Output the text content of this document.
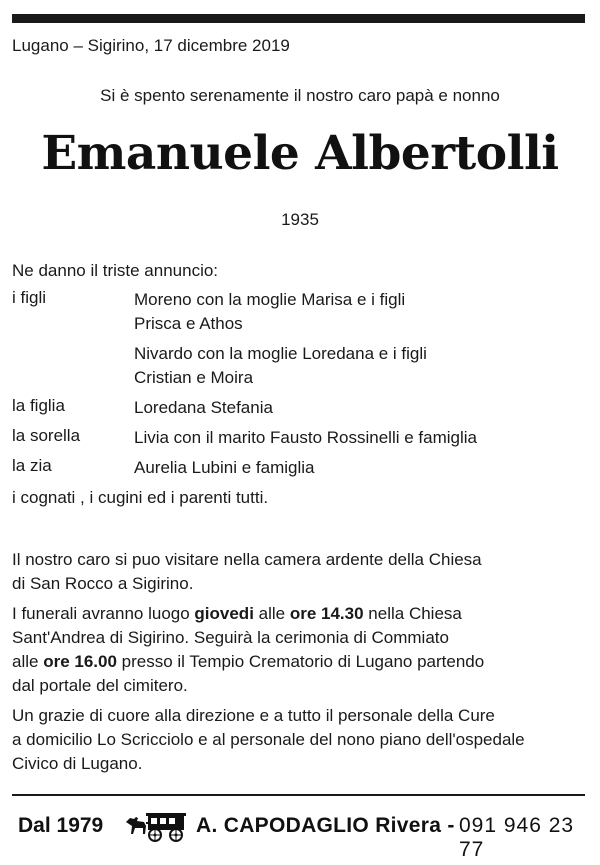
Lugano – Sigirino, 17 dicembre 2019
Si è spento serenamente il nostro caro papà e nonno
Emanuele Albertolli
1935
Ne danno il triste annuncio:
i figli	Moreno con la moglie Marisa e i figli
Prisca e Athos
Nivardo con la moglie Loredana e i figli
Cristian e Moira
la figlia	Loredana Stefania
la sorella	Livia con il marito Fausto Rossinelli e famiglia
la zia	Aurelia Lubini e famiglia
i cognati , i cugini ed i parenti tutti.
Il nostro caro si puo visitare nella camera ardente della Chiesa
di San Rocco a Sigirino.
I funerali avranno luogo giovedi alle ore 14.30 nella Chiesa
Sant'Andrea di Sigirino. Seguirà la cerimonia di Commiato
alle ore 16.00 presso il Tempio Crematorio di Lugano partendo
dal portale del cimitero.
Un grazie di cuore alla direzione e a tutto il personale della Cure
a domicilio Lo Scricciolo e al personale del nono piano dell'ospedale
Civico di Lugano.
Dal 1979	A. CAPODAGLIO Rivera - 091 946 23 77
